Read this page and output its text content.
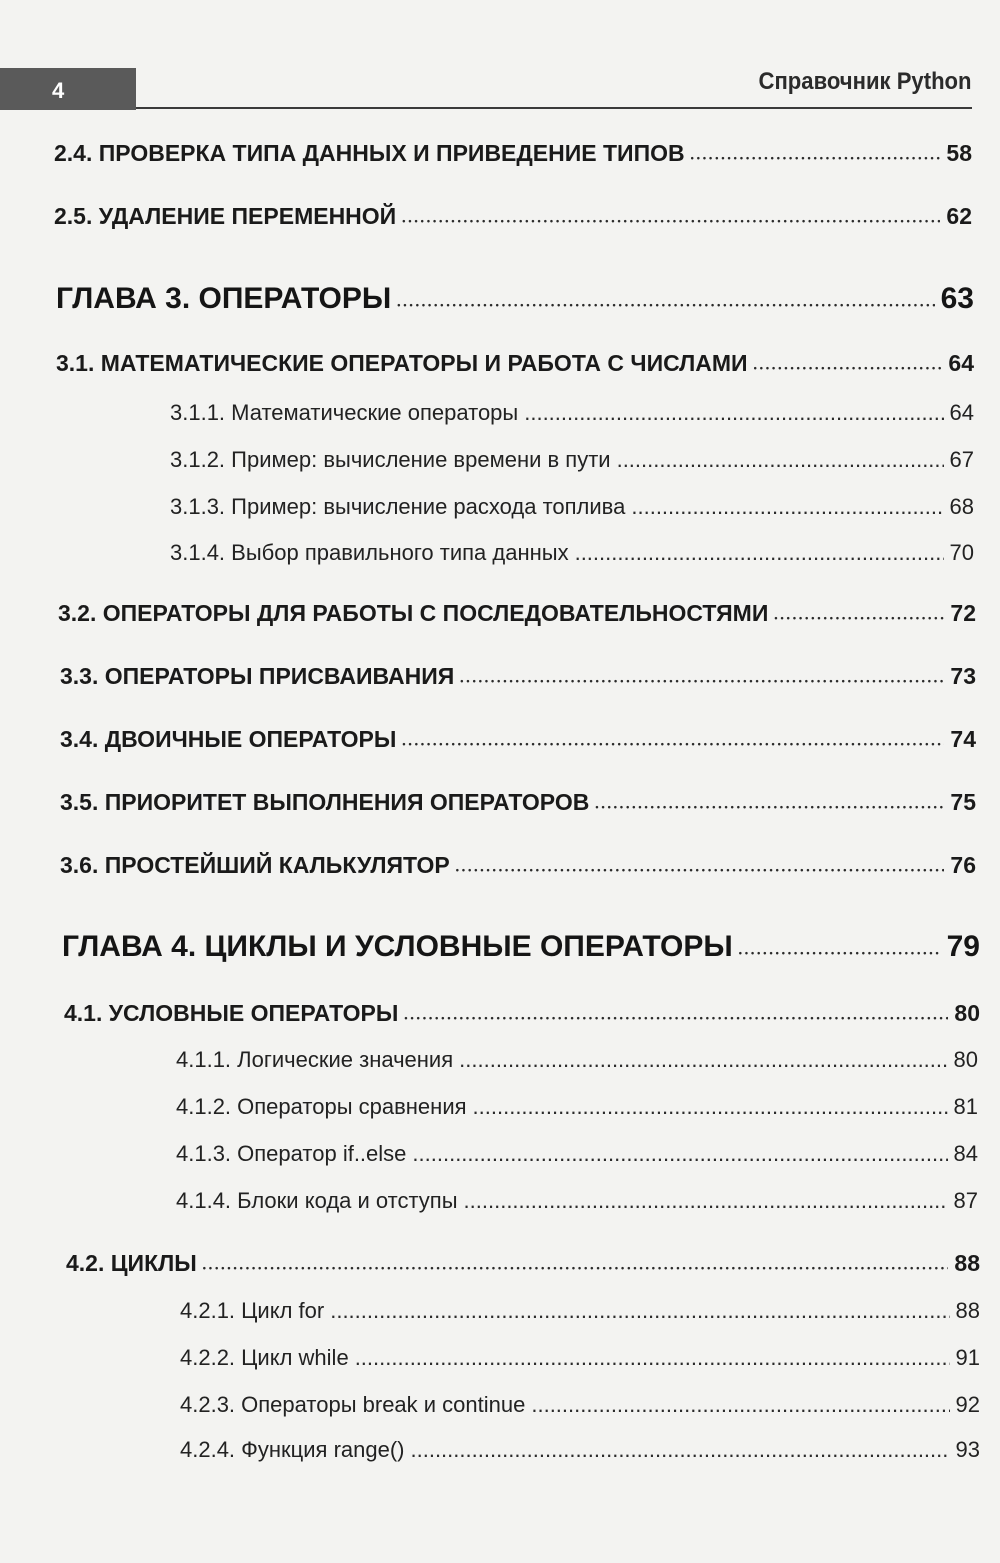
4	Справочник Python
2.4. ПРОВЕРКА ТИПА ДАННЫХ И ПРИВЕДЕНИЕ ТИПОВ •••••	58
2.5. УДАЛЕНИЕ ПЕРЕМЕННОЙ •••••	62
ГЛАВА 3. ОПЕРАТОРЫ •••••	63
3.1. МАТЕМАТИЧЕСКИЕ ОПЕРАТОРЫ И РАБОТА С ЧИСЛАМИ •••••	64
3.1.1. Математические операторы .....	64
3.1.2. Пример: вычисление времени в пути .....	67
3.1.3. Пример: вычисление расхода топлива .....	68
3.1.4. Выбор правильного типа данных .....	70
3.2. ОПЕРАТОРЫ ДЛЯ РАБОТЫ С ПОСЛЕДОВАТЕЛЬНОСТЯМИ •••••	72
3.3. ОПЕРАТОРЫ ПРИСВАИВАНИЯ •••••	73
3.4. ДВОИЧНЫЕ ОПЕРАТОРЫ •••••	74
3.5. ПРИОРИТЕТ ВЫПОЛНЕНИЯ ОПЕРАТОРОВ •••••	75
3.6. ПРОСТЕЙШИЙ КАЛЬКУЛЯТОР •••••	76
ГЛАВА 4. ЦИКЛЫ И УСЛОВНЫЕ ОПЕРАТОРЫ •••••	79
4.1. УСЛОВНЫЕ ОПЕРАТОРЫ •••••	80
4.1.1. Логические значения .....	80
4.1.2. Операторы сравнения .....	81
4.1.3. Оператор if..else .....	84
4.1.4. Блоки кода и отступы .....	87
4.2. ЦИКЛЫ •••••	88
4.2.1. Цикл for .....	88
4.2.2. Цикл while .....	91
4.2.3. Операторы break и continue .....	92
4.2.4. Функция range() .....	93
